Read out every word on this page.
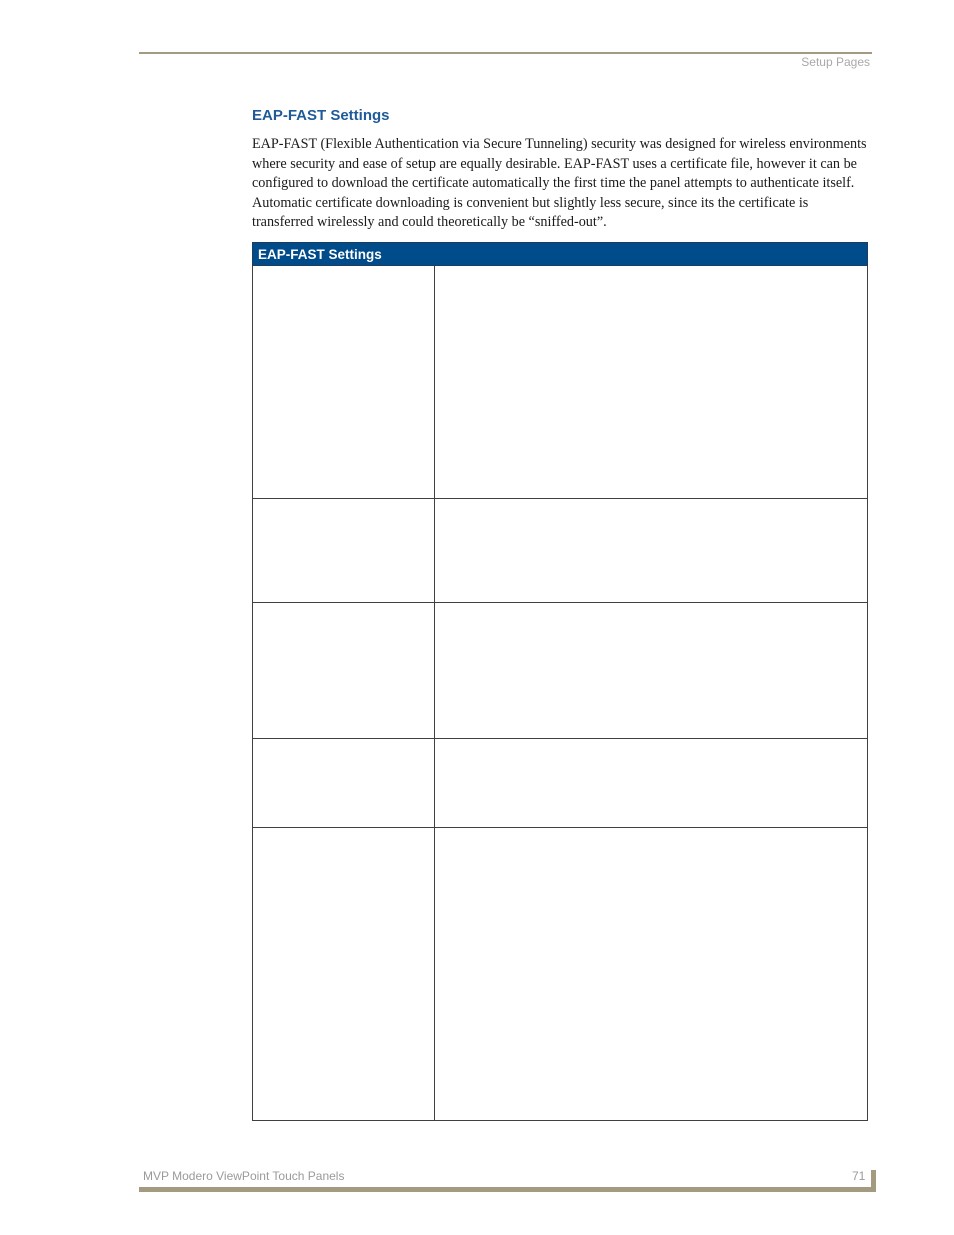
Setup Pages
EAP-FAST Settings

EAP-FAST (Flexible Authentication via Secure Tunneling) security was designed for wireless environments where security and ease of setup are equally desirable. EAP-FAST uses a certificate file, however it can be configured to download the certificate automatically the first time the panel attempts to authenticate itself. Automatic certificate downloading is convenient but slightly less secure, since its the certificate is transferred wirelessly and could theoretically be “sniffed-out”.

EAP-FAST Settings	

MVP Modero ViewPoint Touch Panels	71
